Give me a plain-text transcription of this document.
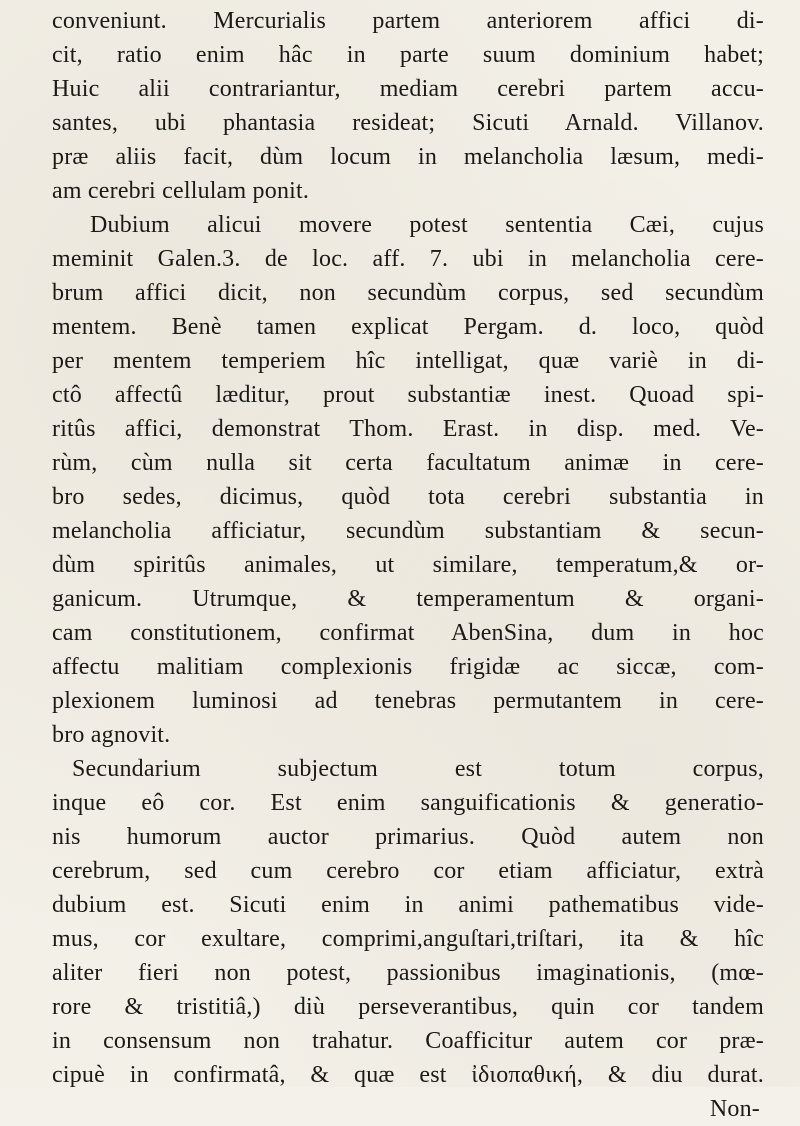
conveniunt. Mercurialis partem anteriorem affici di-
cit, ratio enim hâc in parte suum dominium habet;
Huic alii contrariantur, mediam cerebri partem accu-
santes, ubi phantasia resideat; Sicuti Arnald. Villanov.
præ aliis facit, dùm locum in melancholia læsum, medi-
am cerebri cellulam ponit.
Dubium alicui movere potest sententia Cæi, cujus
meminit Galen.3. de loc. aff. 7. ubi in melancholia cere-
brum affici dicit, non secundùm corpus, sed secundùm
mentem. Benè tamen explicat Pergam. d. loco, quòd
per mentem temperiem hîc intelligat, quæ variè in di-
ctô affectû læditur, prout substantiæ inest. Quoad spi-
ritûs affici, demonstrat Thom. Erast. in disp. med. Ve-
rùm, cùm nulla sit certa facultatum animæ in cere-
bro sedes, dicimus, quòd tota cerebri substantia in
melancholia afficiatur, secundùm substantiam & secun-
dùm spiritûs animales, ut similare, temperatum,& or-
ganicum. Utrumque, & temperamentum & organi-
cam constitutionem, confirmat AbenSina, dum in hoc
affectu malitiam complexionis frigidæ ac siccæ, com-
plexionem luminosi ad tenebras permutantem in cere-
bro agnovit.
Secundarium subjectum est totum corpus,
inque eô cor. Est enim sanguificationis & generatio-
nis humorum auctor primarius. Quòd autem non
cerebrum, sed cum cerebro cor etiam afficiatur, extrà
dubium est. Sicuti enim in animi pathematibus vide-
mus, cor exultare, comprimi,anguſtari,triſtari, ita & hîc
aliter fieri non potest, passionibus imaginationis, (mœ-
rore & tristitiâ,) diù perseverantibus, quin cor tandem
in consensum non trahatur. Coafficitur autem cor præ-
cipuè in confirmatâ, & quæ est ἰδιοπαθική, & diu durat.
Non-
